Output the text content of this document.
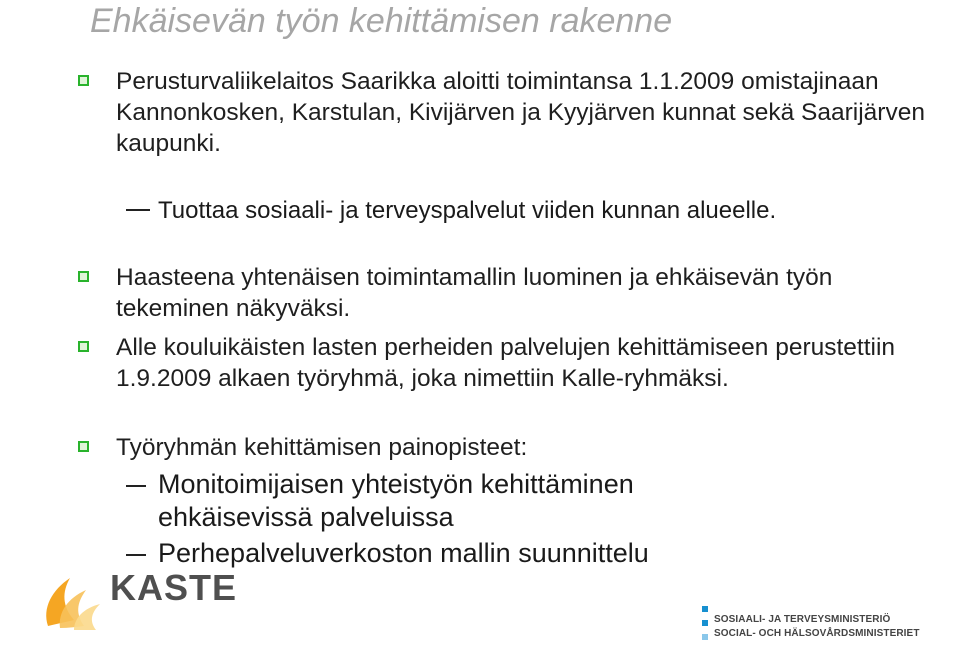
Ehkäisevän työn kehittämisen rakenne
Perusturvaliikelaitos Saarikka aloitti toimintansa 1.1.2009 omistajinaan Kannonkosken, Karstulan, Kivijärven ja Kyyjärven kunnat sekä Saarijärven kaupunki.
Tuottaa sosiaali- ja terveyspalvelut viiden kunnan alueelle.
Haasteena yhtenäisen toimintamallin luominen ja ehkäisevän työn tekeminen näkyväksi.
Alle kouluikäisten lasten perheiden palvelujen kehittämiseen perustettiin 1.9.2009 alkaen työryhmä, joka nimettiin Kalle-ryhmäksi.
Työryhmän kehittämisen painopisteet:
Monitoimijaisen yhteistyön kehittäminen ehkäisevissä palveluissa
Perhepalveluverkoston mallin suunnittelu
KASTE
SOSIAALI- JA TERVEYSMINISTERIÖ
SOCIAL- OCH HÄLSOVÅRDSMINISTERIET
